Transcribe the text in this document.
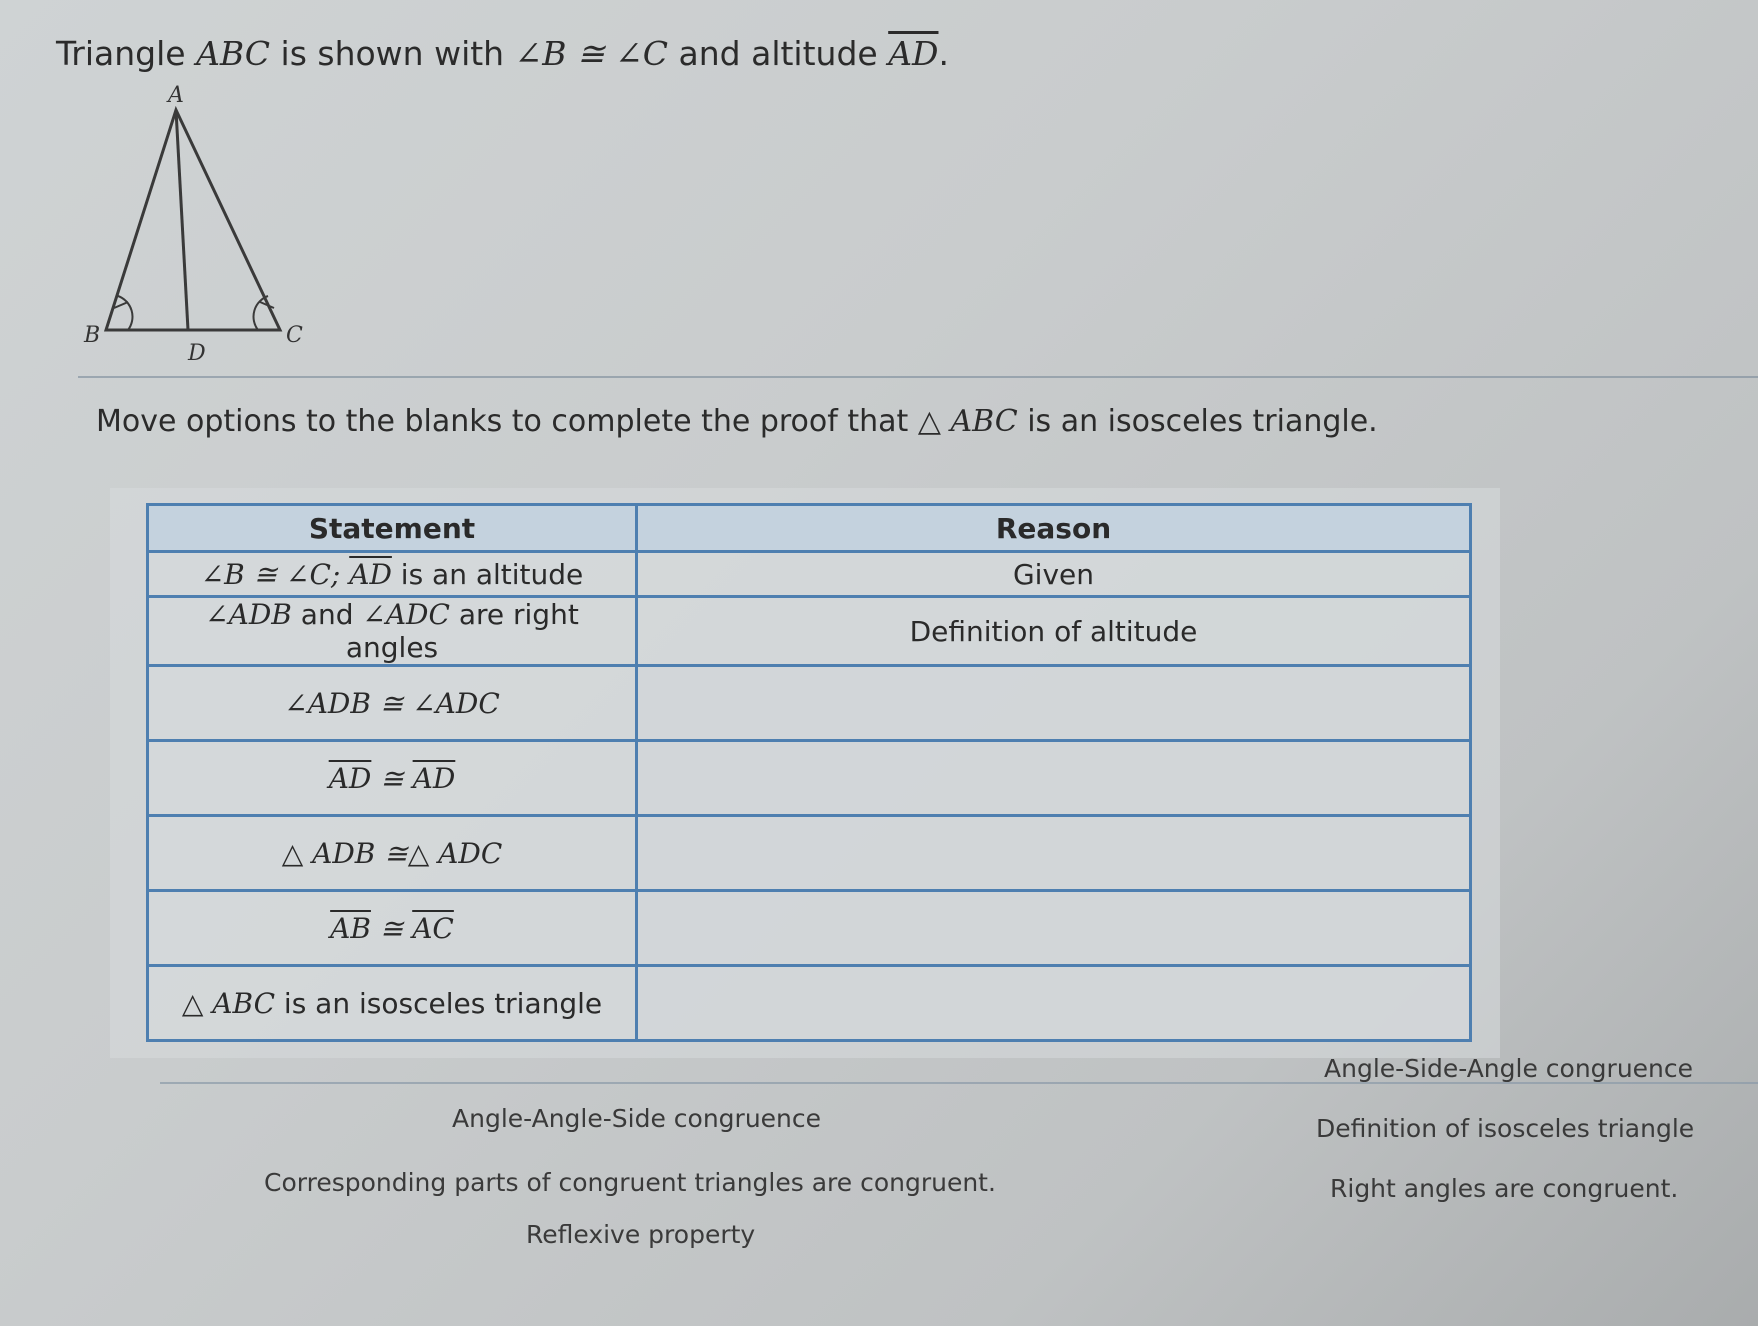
Triangle ABC is shown with ∠B ≅ ∠C and altitude $\overline{AD}$.
A
B	C
D
Move options to the blanks to complete the proof that △ ABC is an isosceles triangle.
Statement	Reason
∠B ≅ ∠C; $\overline{AD}$ is an altitude	Given
∠ADB and ∠ADC are right angles	Definition of altitude
∠ADB ≅ ∠ADC	
$\overline{AD}$ ≅ $\overline{AD}$	
△ ADB ≅△ ADC	
$\overline{AB}$ ≅ $\overline{AC}$	
△ ABC is an isosceles triangle	
Angle-Angle-Side congruence
Corresponding parts of congruent triangles are congruent.
Reflexive property
Angle-Side-Angle congruence
Definition of isosceles triangle
Right angles are congruent.
